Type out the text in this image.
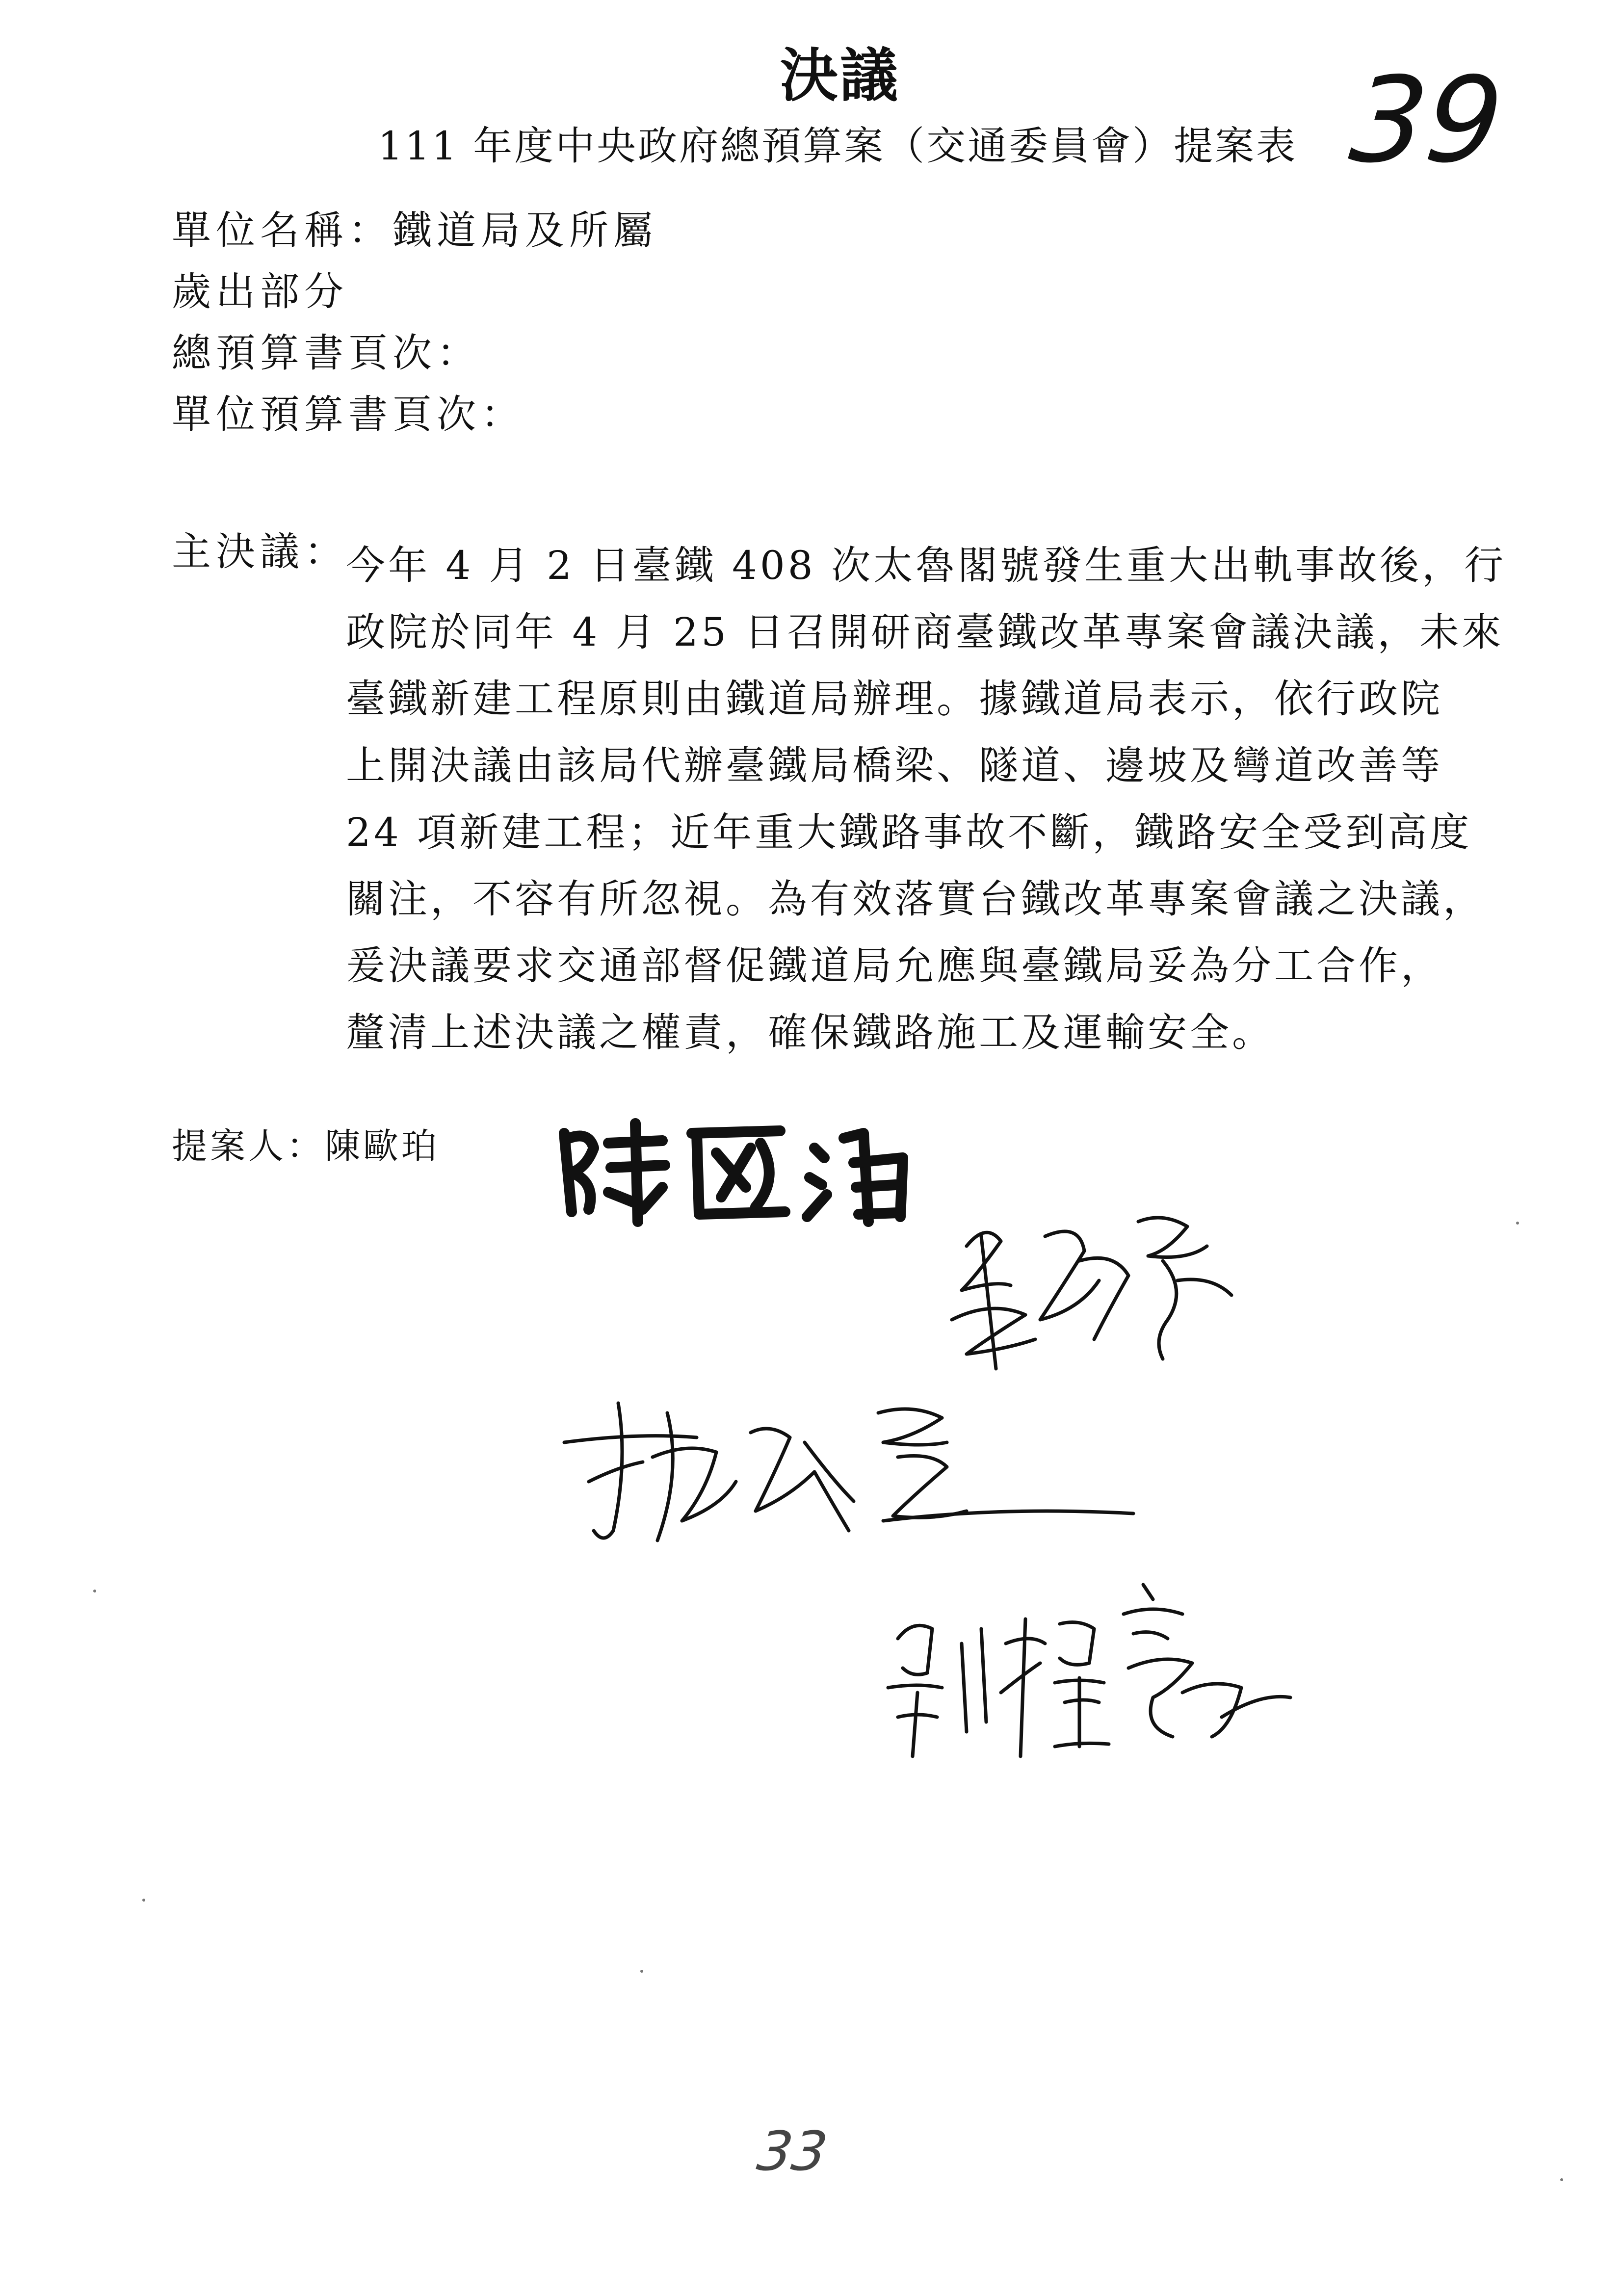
決議	39
111 年度中央政府總預算案（交通委員會）提案表
單位名稱：鐵道局及所屬
歲出部分
總預算書頁次：
單位預算書頁次：
主決議：
今年 4 月 2 日臺鐵 408 次太魯閣號發生重大出軌事故後，行
政院於同年 4 月 25 日召開研商臺鐵改革專案會議決議，未來
臺鐵新建工程原則由鐵道局辦理。據鐵道局表示，依行政院
上開決議由該局代辦臺鐵局橋梁、隧道、邊坡及彎道改善等
24 項新建工程；近年重大鐵路事故不斷，鐵路安全受到高度
關注，不容有所忽視。為有效落實台鐵改革專案會議之決議，
爰決議要求交通部督促鐵道局允應與臺鐵局妥為分工合作，
釐清上述決議之權責，確保鐵路施工及運輸安全。
提案人：陳歐珀
33
